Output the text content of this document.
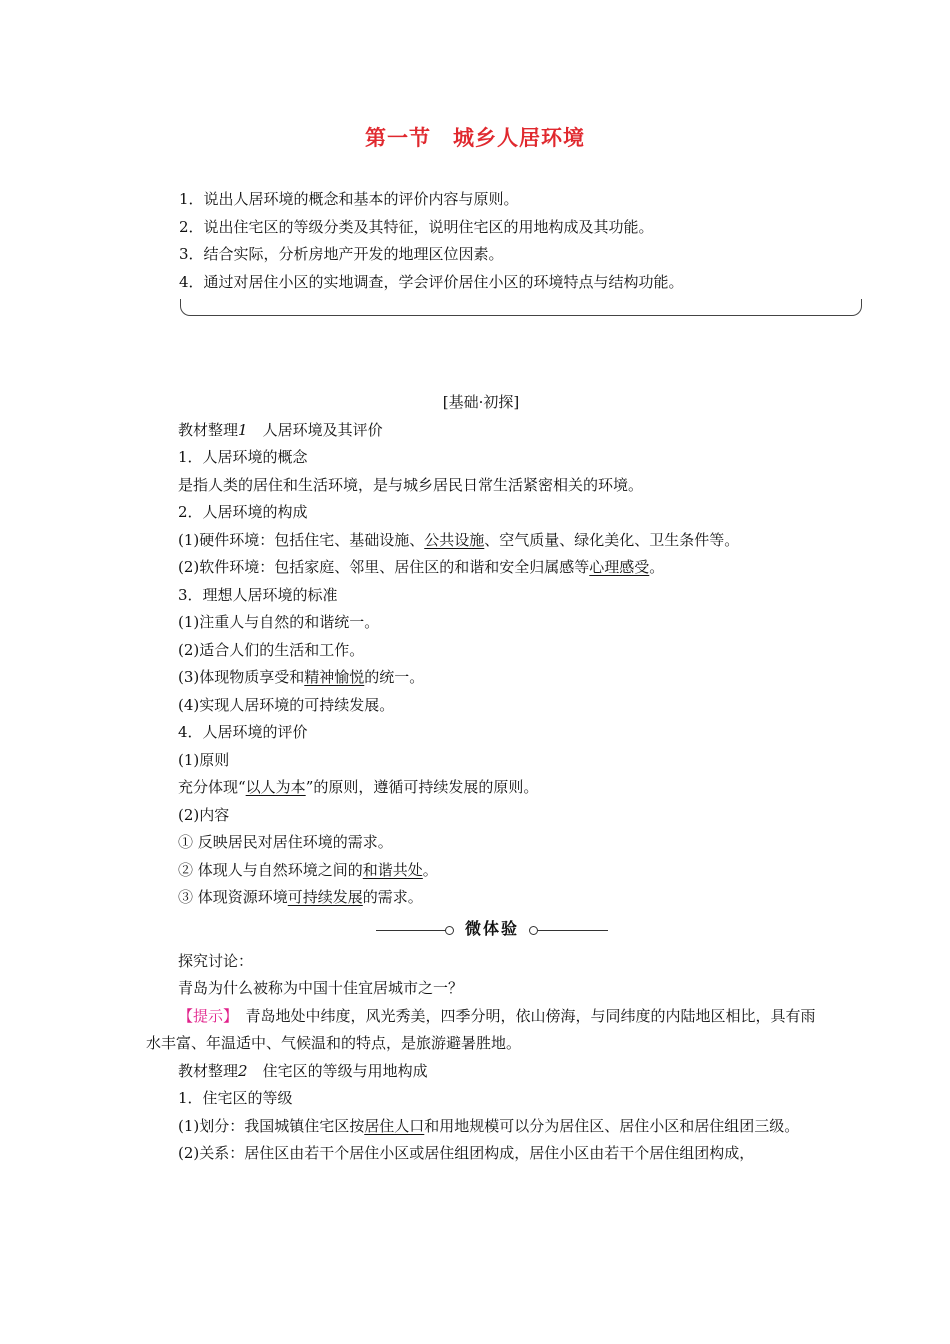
第一节　城乡人居环境
1．说出人居环境的概念和基本的评价内容与原则。
2．说出住宅区的等级分类及其特征，说明住宅区的用地构成及其功能。
3．结合实际，分析房地产开发的地理区位因素。
4．通过对居住小区的实地调查，学会评价居住小区的环境特点与结构功能。
[基础·初探]
教材整理1　 人居环境及其评价
1．人居环境的概念
是指人类的居住和生活环境，是与城乡居民日常生活紧密相关的环境。
2．人居环境的构成
(1)硬件环境：包括住宅、基础设施、公共设施、空气质量、绿化美化、卫生条件等。
(2)软件环境：包括家庭、邻里、居住区的和谐和安全归属感等心理感受。
3．理想人居环境的标准
(1)注重人与自然的和谐统一。
(2)适合人们的生活和工作。
(3)体现物质享受和精神愉悦的统一。
(4)实现人居环境的可持续发展。
4．人居环境的评价
(1)原则
充分体现“以人为本”的原则，遵循可持续发展的原则。
(2)内容
① 反映居民对居住环境的需求。
② 体现人与自然环境之间的和谐共处。
③ 体现资源环境可持续发展的需求。
微体验
探究讨论：
青岛为什么被称为中国十佳宜居城市之一？
【提示】　青岛地处中纬度，风光秀美，四季分明，依山傍海，与同纬度的内陆地区相比，具有雨水丰富、年温适中、气候温和的特点，是旅游避暑胜地。
教材整理2　 住宅区的等级与用地构成
1．住宅区的等级
(1)划分：我国城镇住宅区按居住人口和用地规模可以分为居住区、居住小区和居住组团三级。
(2)关系：居住区由若干个居住小区或居住组团构成，居住小区由若干个居住组团构成，
